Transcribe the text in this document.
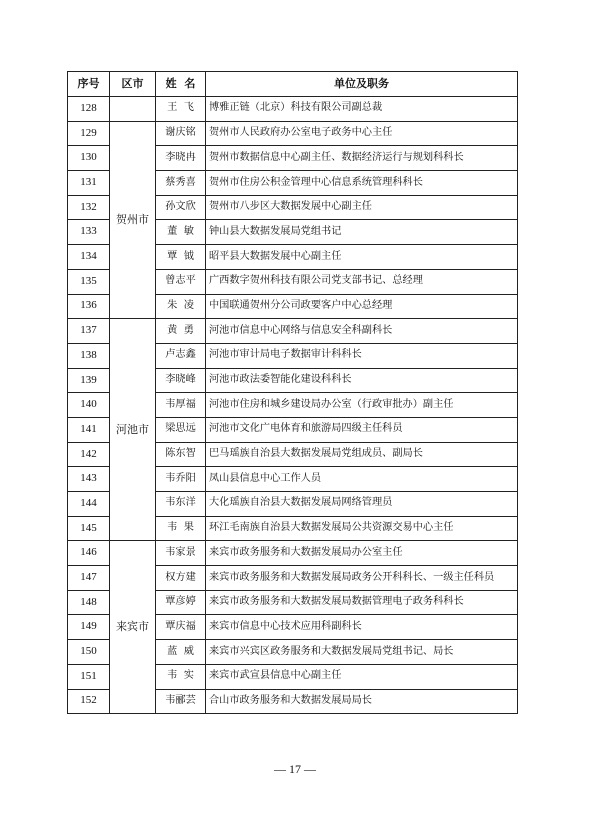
序号	区市	姓  名	单位及职务
128		王  飞	博雅正链（北京）科技有限公司副总裁
129	贺州市	谢庆铭	贺州市人民政府办公室电子政务中心主任
130		李晓冉	贺州市数据信息中心副主任、数据经济运行与规划科科长
131		蔡秀喜	贺州市住房公积金管理中心信息系统管理科科长
132		孙文欣	贺州市八步区大数据发展中心副主任
133		董  敏	钟山县大数据发展局党组书记
134		覃  钺	昭平县大数据发展中心副主任
135		曾志平	广西数字贺州科技有限公司党支部书记、总经理
136		朱  凌	中国联通贺州分公司政要客户中心总经理
137	河池市	黄  勇	河池市信息中心网络与信息安全科副科长
138		卢志鑫	河池市审计局电子数据审计科科长
139		李晓峰	河池市政法委智能化建设科科长
140		韦厚福	河池市住房和城乡建设局办公室（行政审批办）副主任
141		梁思远	河池市文化广电体育和旅游局四级主任科员
142		陈东智	巴马瑶族自治县大数据发展局党组成员、副局长
143		韦乔阳	凤山县信息中心工作人员
144		韦东洋	大化瑶族自治县大数据发展局网络管理员
145		韦  果	环江毛南族自治县大数据发展局公共资源交易中心主任
146	来宾市	韦家景	来宾市政务服务和大数据发展局办公室主任
147		权方建	来宾市政务服务和大数据发展局政务公开科科长、一级主任科员
148		覃彦婷	来宾市政务服务和大数据发展局数据管理电子政务科科长
149		覃庆福	来宾市信息中心技术应用科副科长
150		蓝  威	来宾市兴宾区政务服务和大数据发展局党组书记、局长
151		韦  实	来宾市武宣县信息中心副主任
152		韦郦芸	合山市政务服务和大数据发展局局长
— 17 —
